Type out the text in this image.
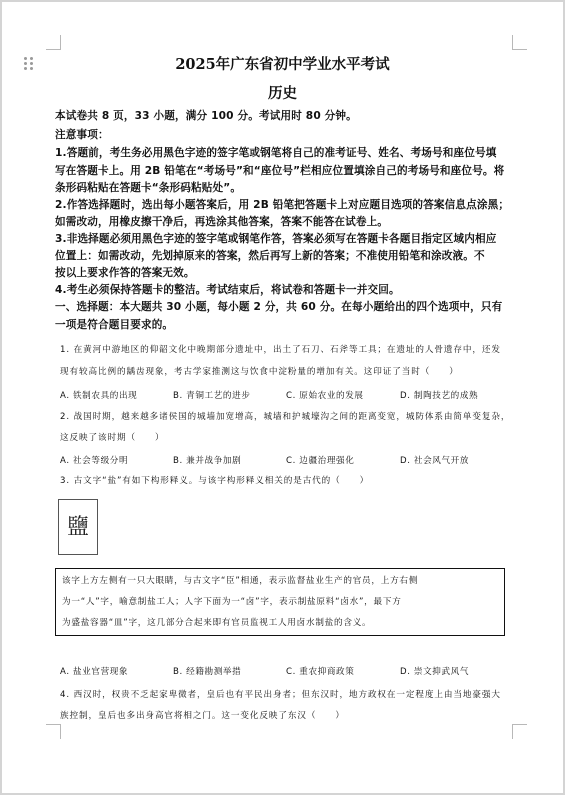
2025年广东省初中学业水平考试
历史
本试卷共 8 页，33 小题，满分 100 分。考试用时 80 分钟。
注意事项：
1.答题前，考生务必用黑色字迹的签字笔或钢笔将自己的准考证号、姓名、考场号和座位号填
写在答题卡上。用 2B 铅笔在“考场号”和“座位号”栏相应位置填涂自己的考场号和座位号。将
条形码粘贴在答题卡“条形码粘贴处”。
2.作答选择题时，选出每小题答案后，用 2B 铅笔把答题卡上对应题目选项的答案信息点涂黑；
如需改动，用橡皮擦干净后，再选涂其他答案，答案不能答在试卷上。
3.非选择题必须用黑色字迹的签字笔或钢笔作答，答案必须写在答题卡各题目指定区域内相应
位置上：如需改动，先划掉原来的答案，然后再写上新的答案；不准使用铅笔和涂改液。不
按以上要求作答的答案无效。
4.考生必须保持答题卡的整洁。考试结束后，将试卷和答题卡一并交回。
一、选择题：本大题共 30 小题，每小题 2 分，共 60 分。在每小题给出的四个选项中，只有
一项是符合题目要求的。
1. 在黄河中游地区的仰韶文化中晚期部分遗址中，出土了石刀、石斧等工具；在遗址的人骨遗存中，还发
现有较高比例的龋齿现象，考古学家推测这与饮食中淀粉量的增加有关。这印证了当时（　　）
A. 铁制农具的出现	B. 青铜工艺的进步	C. 原始农业的发展	D. 制陶技艺的成熟
2. 战国时期，越来越多诸侯国的城墙加宽增高，城墙和护城壕沟之间的距离变宽，城防体系由简单变复杂，
这反映了该时期（　　）
A. 社会等级分明	B. 兼并战争加剧	C. 边疆治理强化	D. 社会风气开放
3. 古文字“盐”有如下构形释义。与该字构形释义相关的是古代的（　　）
鹽
该字上方左侧有一只大眼睛，与古文字“臣”相通，表示监督盐业生产的官员，上方右侧
为一“人”字，喻意制盐工人；人字下面为一“卤”字，表示制盐原料“卤水”，最下方
为盛盐容器“皿”字，这几部分合起来即有官员监视工人用卤水制盐的含义。
A. 盐业官营现象	B. 经籍勘测举措	C. 重农抑商政策	D. 崇文抑武风气
4. 西汉时，权贵不乏起家卑微者，皇后也有平民出身者；但东汉时，地方政权在一定程度上由当地豪强大
族控制，皇后也多出身高官将相之门。这一变化反映了东汉（　　）
